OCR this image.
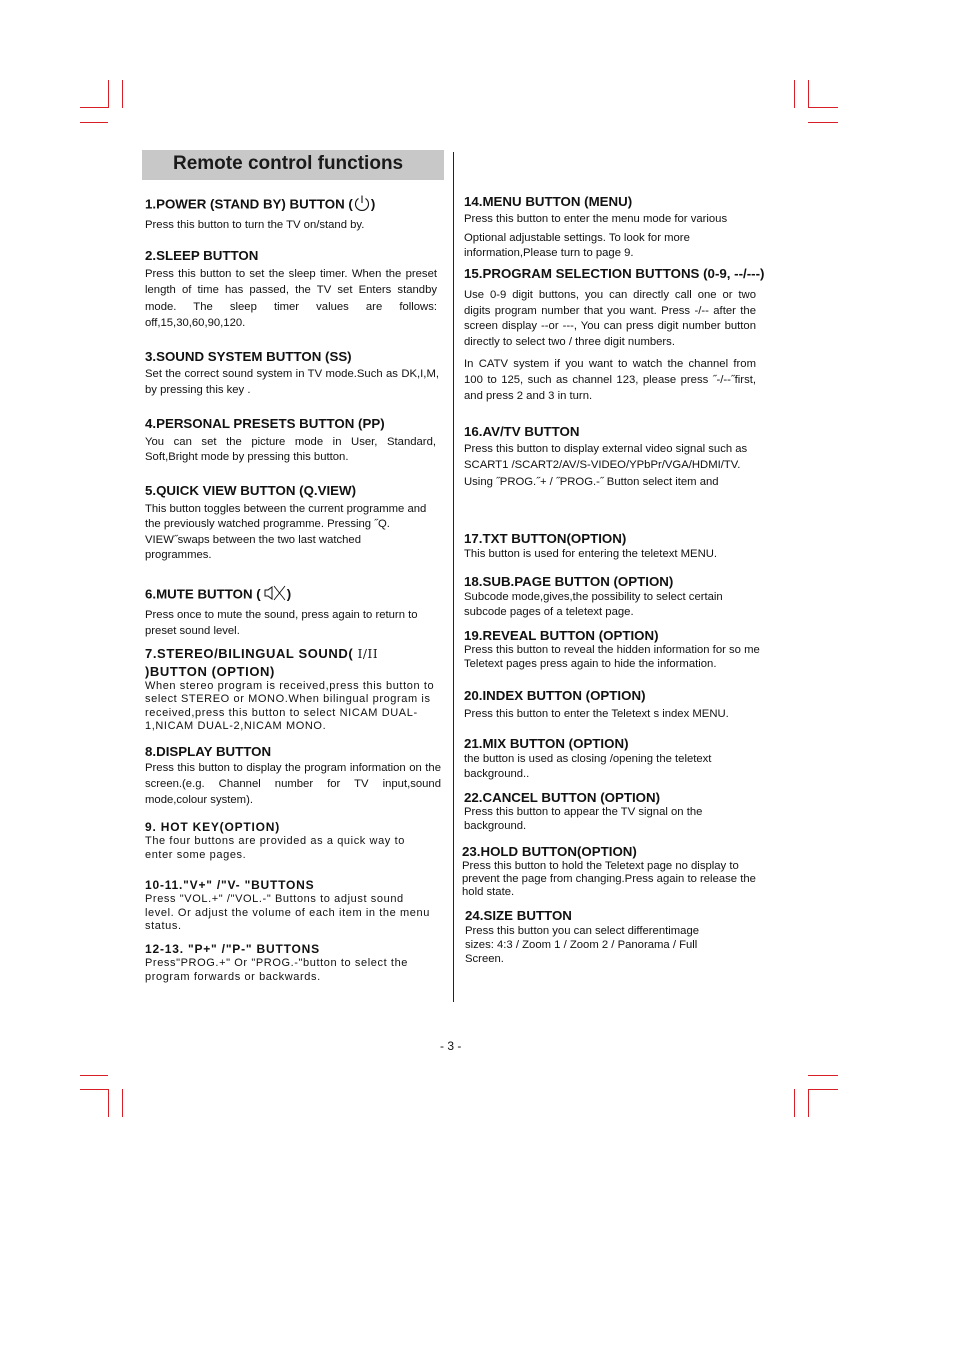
Remote control functions

1.POWER (STAND BY) BUTTON ( )

Press this button to turn the TV on/stand by.

2.SLEEP BUTTON

Press this button to set the sleep timer. When the preset length of time has passed, the TV set Enters standby mode. The sleep timer values are follows: off,15,30,60,90,120.

3.SOUND SYSTEM BUTTON (SS)

Set the correct sound system in TV mode.Such as DK,I,M, by pressing this key .

4.PERSONAL PRESETS BUTTON (PP)

You can set the picture mode in User, Standard, Soft,Bright mode by pressing this button.

5.QUICK VIEW BUTTON (Q.VIEW)

This button toggles between the current programme and the previously watched programme. Pressing ˝Q. VIEW˝swaps between the two last watched programmes.

6.MUTE BUTTON ( )

Press once to mute the sound, press again to return to preset sound level.

7.STEREO/BILINGUAL SOUND( I/II

)BUTTON (OPTION)

When stereo program is received,press this button to select STEREO or MONO.When bilingual program is received,press this button to select NICAM DUAL-1,NICAM DUAL-2,NICAM MONO.

8.DISPLAY BUTTON

Press this button to display the program information on the screen.(e.g. Channel number for TV input,sound mode,colour system).

9. HOT KEY(OPTION)

The four buttons are provided as a quick way to enter some pages.

10-11."V+" /"V- "BUTTONS

Press "VOL.+" /"VOL.-" Buttons to adjust sound level. Or adjust the volume of each item in the menu status.

12-13. "P+" /"P-" BUTTONS

Press"PROG.+" Or "PROG.-"button to select the program forwards or backwards.

14.MENU BUTTON (MENU)

Press this button to enter the menu mode for various

Optional adjustable settings. To look for more information,Please turn to page 9.

15.PROGRAM SELECTION BUTTONS (0-9, --/---)

Use 0-9 digit buttons, you can directly call one or two digits program number that you want. Press -/-- after the screen display --or ---, You can press digit number button directly to select two / three digit numbers.

In CATV system if you want to watch the channel from 100 to 125, such as channel 123, please press ˝-/--˝first, and press 2 and 3 in turn.

16.AV/TV BUTTON

Press this button to display external video signal such as SCART1 /SCART2/AV/S-VIDEO/YPbPr/VGA/HDMI/TV.

Using ˝PROG.˝+ / ˝PROG.-˝ Button select item and

17.TXT BUTTON(OPTION)

This button is used for entering the teletext MENU.

18.SUB.PAGE BUTTON (OPTION)

Subcode mode,gives,the possibility to select certain subcode pages of a teletext page.

19.REVEAL BUTTON (OPTION)

Press this button to reveal the hidden information for so me Teletext pages press again to hide the information.

20.INDEX BUTTON (OPTION)

Press this button to enter the Teletext s index MENU.

21.MIX BUTTON (OPTION)

the button is used as closing /opening the teletext background..

22.CANCEL BUTTON (OPTION)

Press this button to appear the TV signal on the background.

23.HOLD BUTTON(OPTION)

Press this button to hold the Teletext page no display to prevent the page from changing.Press again to release the hold state.

24.SIZE BUTTON

Press this button you can select differentimage sizes: 4:3 / Zoom 1 / Zoom 2 / Panorama / Full Screen.

- 3 -
